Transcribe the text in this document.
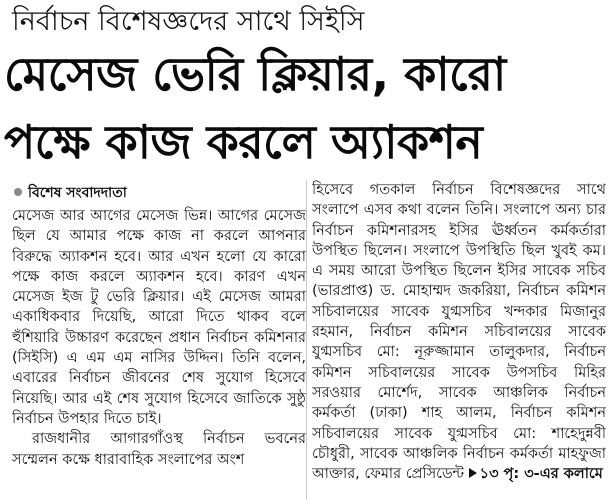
নির্বাচন বিশেষজ্ঞদের সাথে সিইসি
মেসেজ ভেরি ক্লিয়ার, কারো
পক্ষে কাজ করলে অ্যাকশন
বিশেষ সংবাদদাতা

মেসেজ আর আগের মেসেজ ভিন্ন। আগের মেসেজ ছিল যে আমার পক্ষে কাজ না করলে আপনার বিরুদ্ধে অ্যাকশন হবে। আর এখন হলো যে কারো পক্ষে কাজ করলে অ্যাকশন হবে। কারণ এখন মেসেজ ইজ টু ভেরি ক্লিয়ার। এই মেসেজ আমরা একাধিকবার দিয়েছি, আরো দিতে থাকব বলে হুঁশিয়ারি উচ্চারণ করেছেন প্রধান নির্বাচন কমিশনার (সিইসি) এ এম এম নাসির উদ্দিন। তিনি বলেন, এবারের নির্বাচন জীবনের শেষ সুযোগ হিসেবে নিয়েছি। আর এই শেষ সুযোগ হিসেবে জাতিকে সুষ্ঠু নির্বাচন উপহার দিতে চাই।

রাজধানীর আগারগাঁওস্থ নির্বাচন ভবনের সম্মেলন কক্ষে ধারাবাহিক সংলাপের অংশ

হিসেবে গতকাল নির্বাচন বিশেষজ্ঞদের সাথে সংলাপে এসব কথা বলেন তিনি। সংলাপে অন্য চার নির্বাচন কমিশনারসহ ইসির ঊর্ধ্বতন কর্মকর্তারা উপস্থিত ছিলেন। সংলাপে উপস্থিতি ছিল খুবই কম। এ সময় আরো উপস্থিত ছিলেন ইসির সাবেক সচিব (ভারপ্রাপ্ত) ড. মোহাম্মদ জকরিয়া, নির্বাচন কমিশন সচিবালয়ের সাবেক যুগ্মসচিব খন্দকার মিজানুর রহমান, নির্বাচন কমিশন সচিবালয়ের সাবেক যুগ্মসচিব মো: নূরুজ্জামান তালুকদার, নির্বাচন কমিশন সচিবালয়ের সাবেক উপসচিব মিহির সরওয়ার মোর্শেদ, সাবেক আঞ্চলিক নির্বাচন কর্মকর্তা (ঢাকা) শাহ আলম, নির্বাচন কমিশন সচিবালয়ের সাবেক যুগ্মসচিব মো: শাহেদুন্নবী চৌধুরী, সাবেক আঞ্চলিক নির্বাচন কর্মকর্তা মাহফুজা আক্তার, ফেমার প্রেসিডেন্ট ১৩ পৃ: ৩-এর কলামে
